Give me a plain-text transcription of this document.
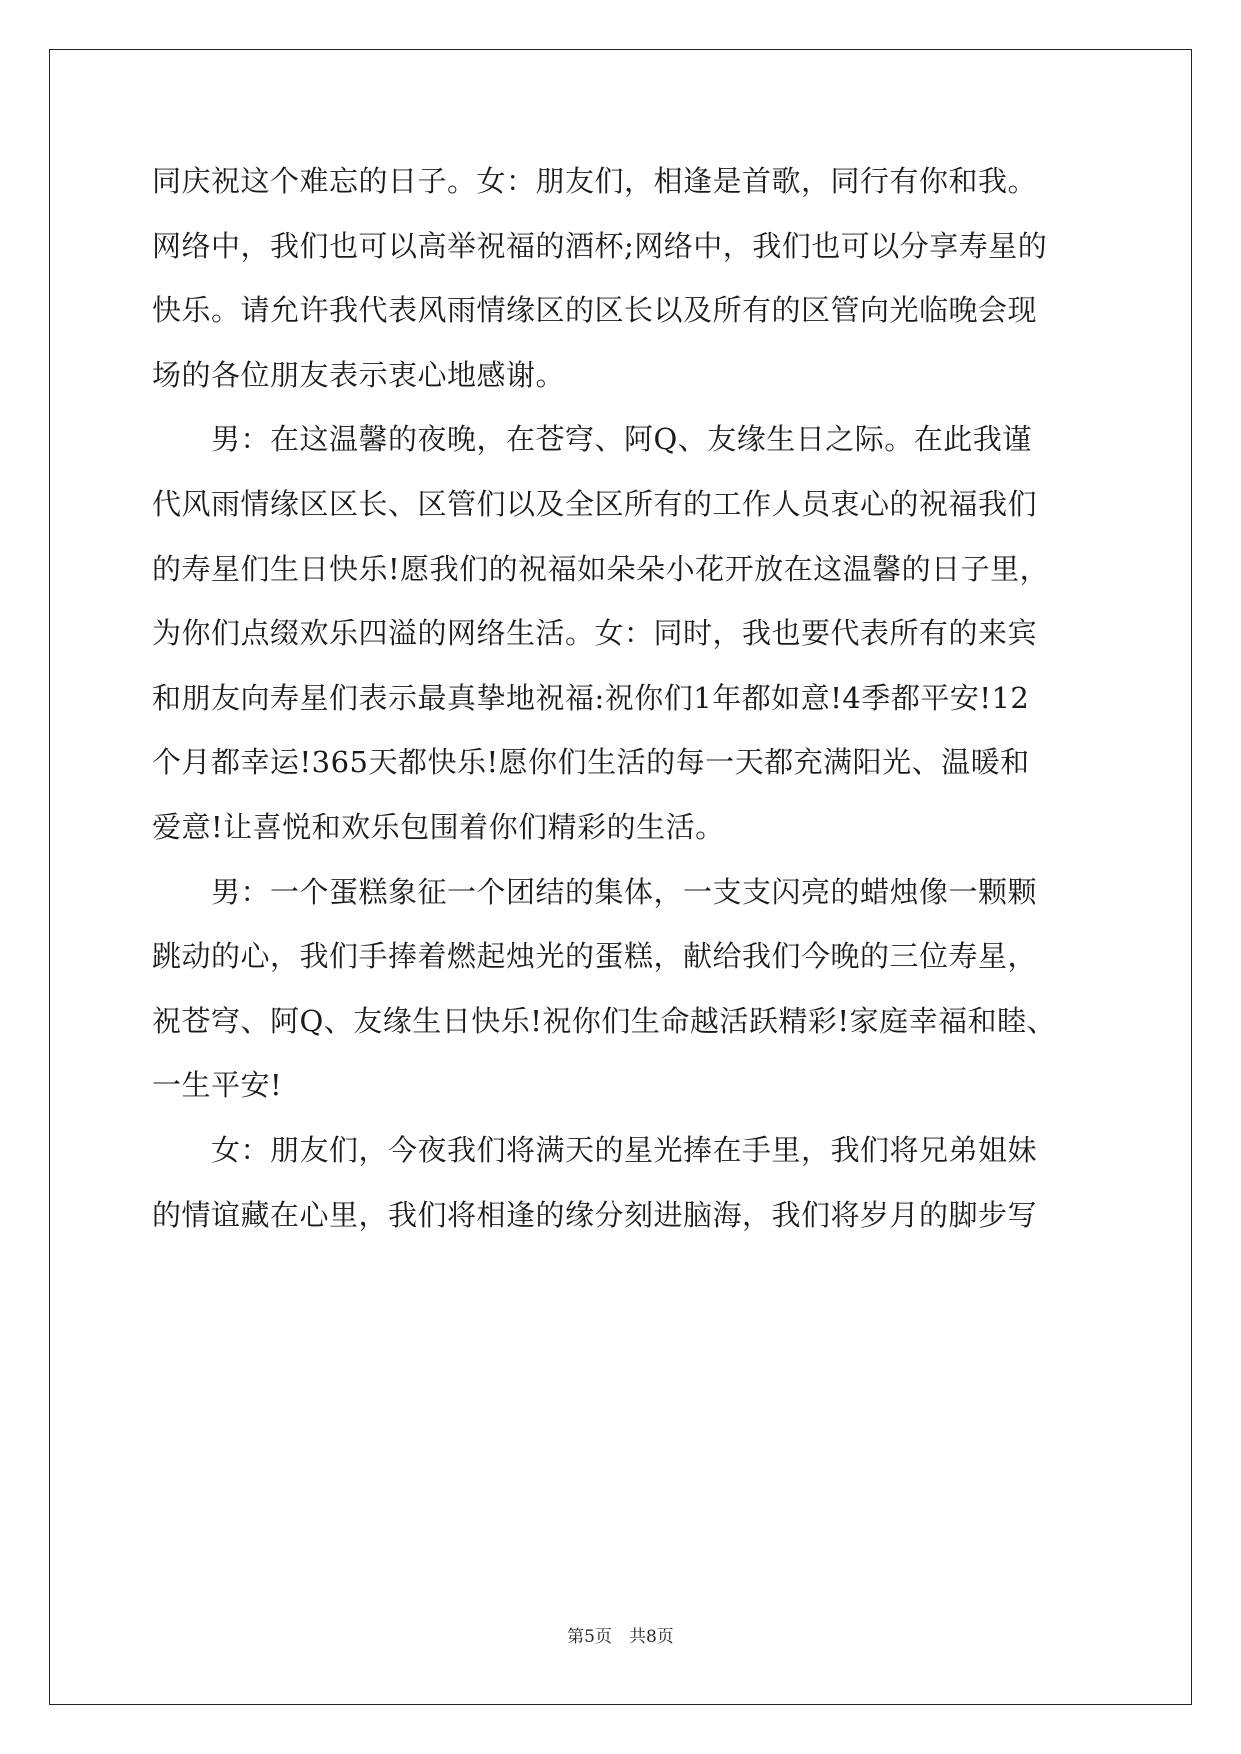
同庆祝这个难忘的日子。女：朋友们，相逢是首歌，同行有你和我。
网络中，我们也可以高举祝福的酒杯;网络中，我们也可以分享寿星的
快乐。请允许我代表风雨情缘区的区长以及所有的区管向光临晚会现
场的各位朋友表示衷心地感谢。
　　男：在这温馨的夜晚，在苍穹、阿Q、友缘生日之际。在此我谨
代风雨情缘区区长、区管们以及全区所有的工作人员衷心的祝福我们
的寿星们生日快乐!愿我们的祝福如朵朵小花开放在这温馨的日子里，
为你们点缀欢乐四溢的网络生活。女：同时，我也要代表所有的来宾
和朋友向寿星们表示最真挚地祝福:祝你们1年都如意!4季都平安!12
个月都幸运!365天都快乐!愿你们生活的每一天都充满阳光、温暖和
爱意!让喜悦和欢乐包围着你们精彩的生活。
　　男：一个蛋糕象征一个团结的集体，一支支闪亮的蜡烛像一颗颗
跳动的心，我们手捧着燃起烛光的蛋糕，献给我们今晚的三位寿星，
祝苍穹、阿Q、友缘生日快乐!祝你们生命越活跃精彩!家庭幸福和睦、
一生平安!
　　女：朋友们，今夜我们将满天的星光捧在手里，我们将兄弟姐妹
的情谊藏在心里，我们将相逢的缘分刻进脑海，我们将岁月的脚步写
第5页　共8页
